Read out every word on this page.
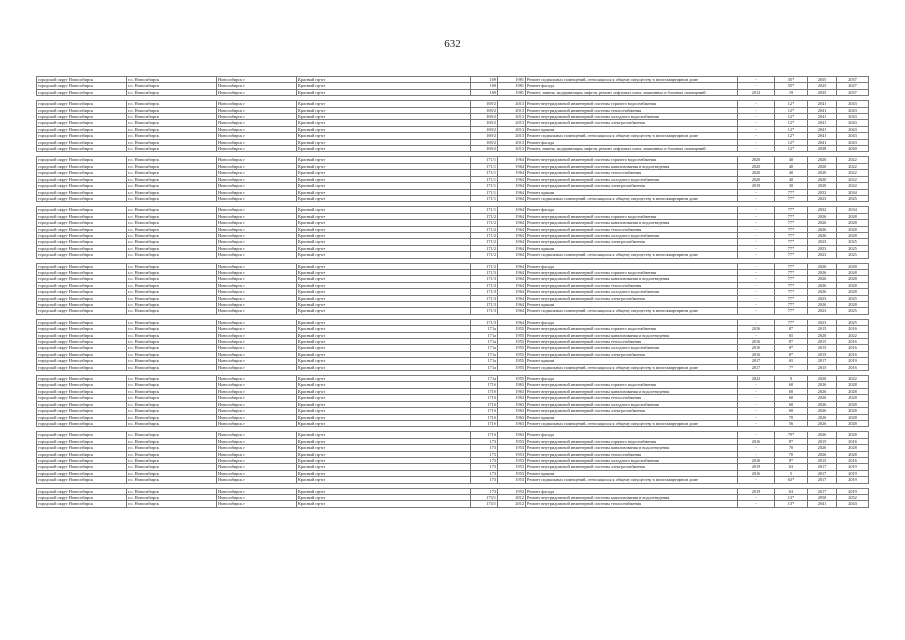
632
городской округ Новосибирск	г.о. Новосибирск	Новосибирск г	Красный пр-кт	169	1981	Ремонт подвальных помещений, относящихся к общему имуществу в многоквартирном доме	-	35*	2035	2037
городской округ Новосибирск	г.о. Новосибирск	Новосибирск г	Красный пр-кт	169	1981	Ремонт фасада	-	55*	2025	2027
городской округ Новосибирск	г.о. Новосибирск	Новосибирск г	Красный пр-кт	169	1981	Ремонт, замена, модернизация лифтов, ремонт лифтовых шахт, машинных и блочных помещений	2012	19	2035	2037

городской округ Новосибирск	г.о. Новосибирск	Новосибирск г	Красный пр-кт	169/2	2013	Ремонт внутридомовой инженерной системы горячего водоснабжения	-	12*	2041	2043
городской округ Новосибирск	г.о. Новосибирск	Новосибирск г	Красный пр-кт	169/2	2013	Ремонт внутридомовой инженерной системы теплоснабжения	-	12*	2041	2043
городской округ Новосибирск	г.о. Новосибирск	Новосибирск г	Красный пр-кт	169/2	2013	Ремонт внутридомовой инженерной системы холодного водоснабжения	-	12*	2041	2043
городской округ Новосибирск	г.о. Новосибирск	Новосибирск г	Красный пр-кт	169/2	2013	Ремонт внутридомовой инженерной системы электроснабжения	-	12*	2041	2043
городской округ Новосибирск	г.о. Новосибирск	Новосибирск г	Красный пр-кт	169/2	2013	Ремонт крыши	-	12*	2041	2043
городской округ Новосибирск	г.о. Новосибирск	Новосибирск г	Красный пр-кт	169/2	2013	Ремонт подвальных помещений, относящихся к общему имуществу в многоквартирном доме	-	12*	2041	2043
городской округ Новосибирск	г.о. Новосибирск	Новосибирск г	Красный пр-кт	169/2	2013	Ремонт фасада	-	12*	2041	2043
городской округ Новосибирск	г.о. Новосибирск	Новосибирск г	Красный пр-кт	169/2	2013	Ремонт, замена, модернизация лифтов, ремонт лифтовых шахт, машинных и блочных помещений	-	12*	2038	2040

городской округ Новосибирск	г.о. Новосибирск	Новосибирск г	Красный пр-кт	171/1	1964	Ремонт внутридомовой инженерной системы горячего водоснабжения	2020	40	2020	2022
городской округ Новосибирск	г.о. Новосибирск	Новосибирск г	Красный пр-кт	171/1	1964	Ремонт внутридомовой инженерной системы канализования и водоотведения	2020	40	2020	2022
городской округ Новосибирск	г.о. Новосибирск	Новосибирск г	Красный пр-кт	171/1	1964	Ремонт внутридомовой инженерной системы теплоснабжения	2020	40	2020	2022
городской округ Новосибирск	г.о. Новосибирск	Новосибирск г	Красный пр-кт	171/1	1964	Ремонт внутридомовой инженерной системы холодного водоснабжения	2020	40	2020	2022
городской округ Новосибирск	г.о. Новосибирск	Новосибирск г	Красный пр-кт	171/1	1964	Ремонт внутридомовой инженерной системы электроснабжения	2019	30	2020	2022
городской округ Новосибирск	г.о. Новосибирск	Новосибирск г	Красный пр-кт	171/1	1964	Ремонт крыши	-	77*	2032	2034
городской округ Новосибирск	г.о. Новосибирск	Новосибирск г	Красный пр-кт	171/1	1964	Ремонт подвальных помещений, относящихся к общему имуществу в многоквартирном доме	-	77*	2023	2025

городской округ Новосибирск	г.о. Новосибирск	Новосибирск г	Красный пр-кт	171/1	1964	Ремонт фасада	-	77*	2032	2034
городской округ Новосибирск	г.о. Новосибирск	Новосибирск г	Красный пр-кт	171/2	1964	Ремонт внутридомовой инженерной системы горячего водоснабжения	-	77*	2026	2028
городской округ Новосибирск	г.о. Новосибирск	Новосибирск г	Красный пр-кт	171/2	1964	Ремонт внутридомовой инженерной системы канализования и водоотведения	-	77*	2026	2028
городской округ Новосибирск	г.о. Новосибирск	Новосибирск г	Красный пр-кт	171/2	1964	Ремонт внутридомовой инженерной системы теплоснабжения	-	77*	2026	2028
городской округ Новосибирск	г.о. Новосибирск	Новосибирск г	Красный пр-кт	171/2	1964	Ремонт внутридомовой инженерной системы холодного водоснабжения	-	77*	2026	2028
городской округ Новосибирск	г.о. Новосибирск	Новосибирск г	Красный пр-кт	171/2	1964	Ремонт внутридомовой инженерной системы электроснабжения	-	77*	2023	2025
городской округ Новосибирск	г.о. Новосибирск	Новосибирск г	Красный пр-кт	171/2	1964	Ремонт крыши	-	77*	2023	2025
городской округ Новосибирск	г.о. Новосибирск	Новосибирск г	Красный пр-кт	171/2	1964	Ремонт подвальных помещений, относящихся к общему имуществу в многоквартирном доме	-	77*	2023	2025

городской округ Новосибирск	г.о. Новосибирск	Новосибирск г	Красный пр-кт	171/2	1964	Ремонт фасада	-	77*	2026	2028
городской округ Новосибирск	г.о. Новосибирск	Новосибирск г	Красный пр-кт	171/3	1964	Ремонт внутридомовой инженерной системы горячего водоснабжения	-	77*	2026	2028
городской округ Новосибирск	г.о. Новосибирск	Новосибирск г	Красный пр-кт	171/3	1964	Ремонт внутридомовой инженерной системы канализования и водоотведения	-	77*	2026	2028
городской округ Новосибирск	г.о. Новосибирск	Новосибирск г	Красный пр-кт	171/3	1964	Ремонт внутридомовой инженерной системы теплоснабжения	-	77*	2026	2028
городской округ Новосибирск	г.о. Новосибирск	Новосибирск г	Красный пр-кт	171/3	1964	Ремонт внутридомовой инженерной системы холодного водоснабжения	-	77*	2026	2028
городской округ Новосибирск	г.о. Новосибирск	Новосибирск г	Красный пр-кт	171/3	1964	Ремонт внутридомовой инженерной системы электроснабжения	-	77*	2023	2025
городской округ Новосибирск	г.о. Новосибирск	Новосибирск г	Красный пр-кт	171/3	1964	Ремонт крыши	-	77*	2026	2028
городской округ Новосибирск	г.о. Новосибирск	Новосибирск г	Красный пр-кт	171/3	1964	Ремонт подвальных помещений, относящихся к общему имуществу в многоквартирном доме	-	77*	2023	2025

городской округ Новосибирск	г.о. Новосибирск	Новосибирск г	Красный пр-кт	171/3	1964	Ремонт фасада	-	77*	2023	2025
городской округ Новосибирск	г.о. Новосибирск	Новосибирск г	Красный пр-кт	171а	1955	Ремонт внутридомовой инженерной системы горячего водоснабжения	2016	8*	2015	2016
городской округ Новосибирск	г.о. Новосибирск	Новосибирск г	Красный пр-кт	171а	1955	Ремонт внутридомовой инженерной системы канализования и водоотведения	-	65	2020	2022
городской округ Новосибирск	г.о. Новосибирск	Новосибирск г	Красный пр-кт	171а	1955	Ремонт внутридомовой инженерной системы теплоснабжения	2016	8*	2015	2016
городской округ Новосибирск	г.о. Новосибирск	Новосибирск г	Красный пр-кт	171а	1955	Ремонт внутридомовой инженерной системы холодного водоснабжения	2016	8*	2015	2016
городской округ Новосибирск	г.о. Новосибирск	Новосибирск г	Красный пр-кт	171а	1955	Ремонт внутридомовой инженерной системы электроснабжения	2016	8*	2015	2016
городской округ Новосибирск	г.о. Новосибирск	Новосибирск г	Красный пр-кт	171а	1955	Ремонт крыши	2017	65	2017	2019
городской округ Новосибирск	г.о. Новосибирск	Новосибирск г	Красный пр-кт	171а	1955	Ремонт подвальных помещений, относящихся к общему имуществу в многоквартирном доме	2017	7*	2015	2016

городской округ Новосибирск	г.о. Новосибирск	Новосибирск г	Красный пр-кт	171а	1955	Ремонт фасада	2022	0	2020	2022
городской округ Новосибирск	г.о. Новосибирск	Новосибирск г	Красный пр-кт	171б	1963	Ремонт внутридомовой инженерной системы горячего водоснабжения	-	60	2026	2028
городской округ Новосибирск	г.о. Новосибирск	Новосибирск г	Красный пр-кт	171б	1963	Ремонт внутридомовой инженерной системы канализования и водоотведения	-	60	2026	2028
городской округ Новосибирск	г.о. Новосибирск	Новосибирск г	Красный пр-кт	171б	1963	Ремонт внутридомовой инженерной системы теплоснабжения	-	60	2026	2028
городской округ Новосибирск	г.о. Новосибирск	Новосибирск г	Красный пр-кт	171б	1963	Ремонт внутридомовой инженерной системы холодного водоснабжения	-	60	2026	2028
городской округ Новосибирск	г.о. Новосибирск	Новосибирск г	Красный пр-кт	171б	1963	Ремонт внутридомовой инженерной системы электроснабжения	-	60	2026	2028
городской округ Новосибирск	г.о. Новосибирск	Новосибирск г	Красный пр-кт	171б	1963	Ремонт крыши	-	70	2026	2028
городской округ Новосибирск	г.о. Новосибирск	Новосибирск г	Красный пр-кт	171б	1963	Ремонт подвальных помещений, относящихся к общему имуществу в многоквартирном доме	-	56	2026	2028

городской округ Новосибирск	г.о. Новосибирск	Новосибирск г	Красный пр-кт	171б	1963	Ремонт фасада	-	79*	2026	2028
городской округ Новосибирск	г.о. Новосибирск	Новосибирск г	Красный пр-кт	173	1953	Ремонт внутридомовой инженерной системы горячего водоснабжения	2016	8*	2015	2016
городской округ Новосибирск	г.о. Новосибирск	Новосибирск г	Красный пр-кт	173	1953	Ремонт внутридомовой инженерной системы канализования и водоотведения	-	70	2026	2028
городской округ Новосибирск	г.о. Новосибирск	Новосибирск г	Красный пр-кт	173	1953	Ремонт внутридомовой инженерной системы теплоснабжения	-	70	2026	2028
городской округ Новосибирск	г.о. Новосибирск	Новосибирск г	Красный пр-кт	173	1953	Ремонт внутридомовой инженерной системы холодного водоснабжения	2016	8*	2015	2016
городской округ Новосибирск	г.о. Новосибирск	Новосибирск г	Красный пр-кт	173	1953	Ремонт внутридомовой инженерной системы электроснабжения	2019	63	2017	2019
городской округ Новосибирск	г.о. Новосибирск	Новосибирск г	Красный пр-кт	173	1953	Ремонт крыши	2016	5	2017	2019
городской округ Новосибирск	г.о. Новосибирск	Новосибирск г	Красный пр-кт	173	1953	Ремонт подвальных помещений, относящихся к общему имуществу в многоквартирном доме	-	63*	2017	2019

городской округ Новосибирск	г.о. Новосибирск	Новосибирск г	Красный пр-кт	173	1953	Ремонт фасада	2019	63	2017	2019
городской округ Новосибирск	г.о. Новосибирск	Новосибирск г	Красный пр-кт	173/1	2012	Ремонт внутридомовой инженерной системы канализования и водоотведения	-	13*	2050	2052
городской округ Новосибирск	г.о. Новосибирск	Новосибирск г	Красный пр-кт	173/1	2012	Ремонт внутридомовой инженерной системы теплоснабжения	-	13*	2041	2043
